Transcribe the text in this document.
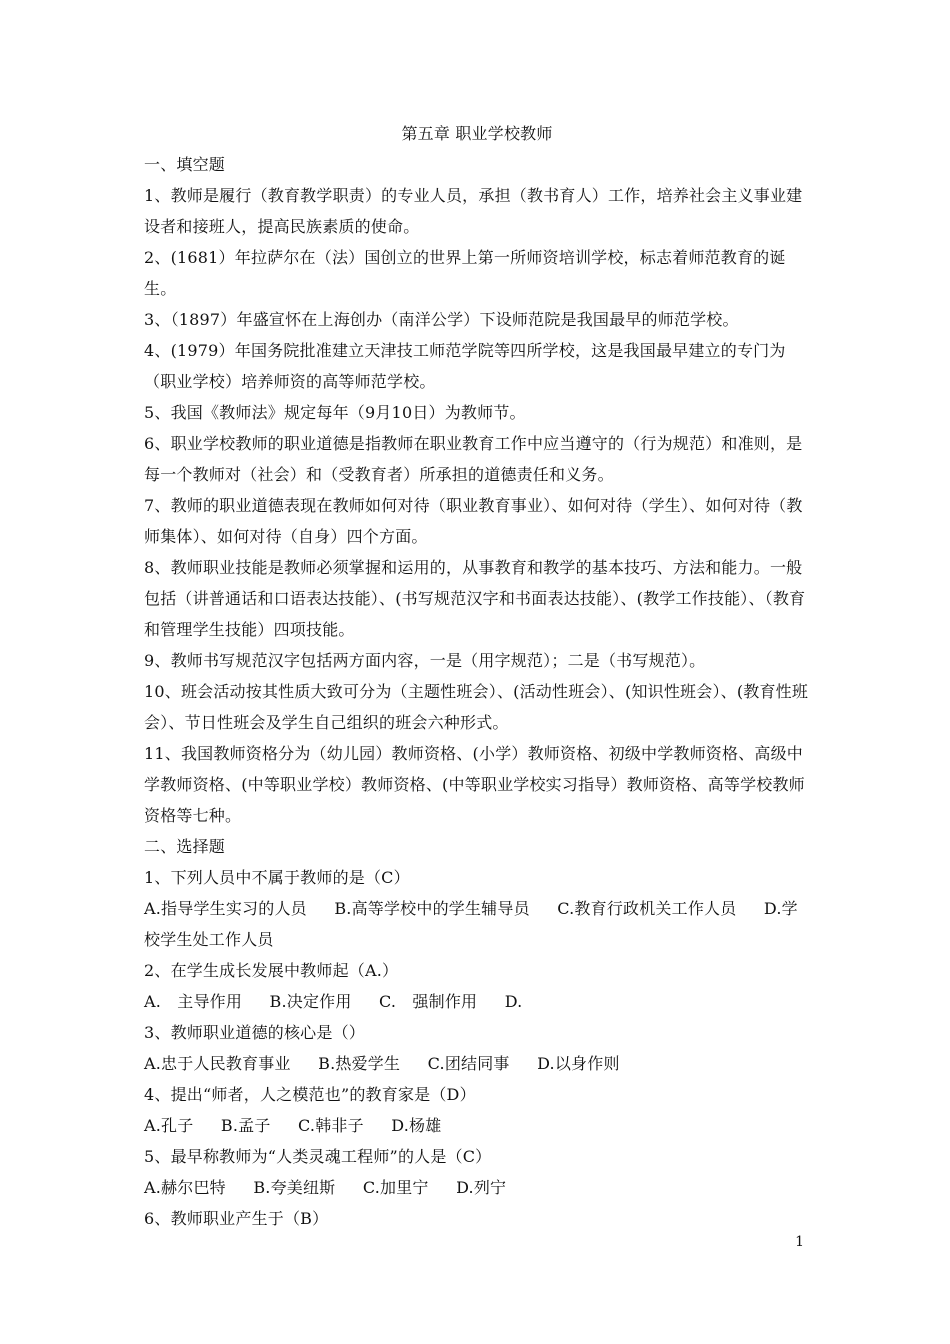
第五章 职业学校教师

一、填空题

1、教师是履行（教育教学职责）的专业人员，承担（教书育人）工作，培养社会主义事业建设者和接班人，提高民族素质的使命。

2、(1681）年拉萨尔在（法）国创立的世界上第一所师资培训学校，标志着师范教育的诞生。

3、（1897）年盛宣怀在上海创办（南洋公学）下设师范院是我国最早的师范学校。

4、(1979）年国务院批准建立天津技工师范学院等四所学校，这是我国最早建立的专门为（职业学校）培养师资的高等师范学校。

5、我国《教师法》规定每年（9月10日）为教师节。

6、职业学校教师的职业道德是指教师在职业教育工作中应当遵守的（行为规范）和准则，是每一个教师对（社会）和（受教育者）所承担的道德责任和义务。

7、教师的职业道德表现在教师如何对待（职业教育事业）、如何对待（学生）、如何对待（教师集体）、如何对待（自身）四个方面。

8、教师职业技能是教师必须掌握和运用的，从事教育和教学的基本技巧、方法和能力。一般包括（讲普通话和口语表达技能）、(书写规范汉字和书面表达技能）、(教学工作技能）、（教育和管理学生技能）四项技能。

9、教师书写规范汉字包括两方面内容，一是（用字规范）；二是（书写规范）。

10、班会活动按其性质大致可分为（主题性班会）、(活动性班会）、(知识性班会）、(教育性班会）、节日性班会及学生自己组织的班会六种形式。

11、我国教师资格分为（幼儿园）教师资格、(小学）教师资格、初级中学教师资格、高级中学教师资格、(中等职业学校）教师资格、(中等职业学校实习指导）教师资格、高等学校教师资格等七种。

二、选择题

1、下列人员中不属于教师的是（C）

A.指导学生实习的人员　 B.高等学校中的学生辅导员　 C.教育行政机关工作人员　 D.学校学生处工作人员

2、在学生成长发展中教师起（A.）

A.　主导作用　 B.决定作用　 C.　强制作用　 D.

3、教师职业道德的核心是（）

A.忠于人民教育事业　 B.热爱学生　 C.团结同事　 D.以身作则

4、提出“师者，人之模范也”的教育家是（D）

A.孔子　 B.孟子　 C.韩非子　 D.杨雄

5、最早称教师为“人类灵魂工程师”的人是（C）

A.赫尔巴特　 B.夸美纽斯　 C.加里宁　 D.列宁

6、教师职业产生于（B）

1
